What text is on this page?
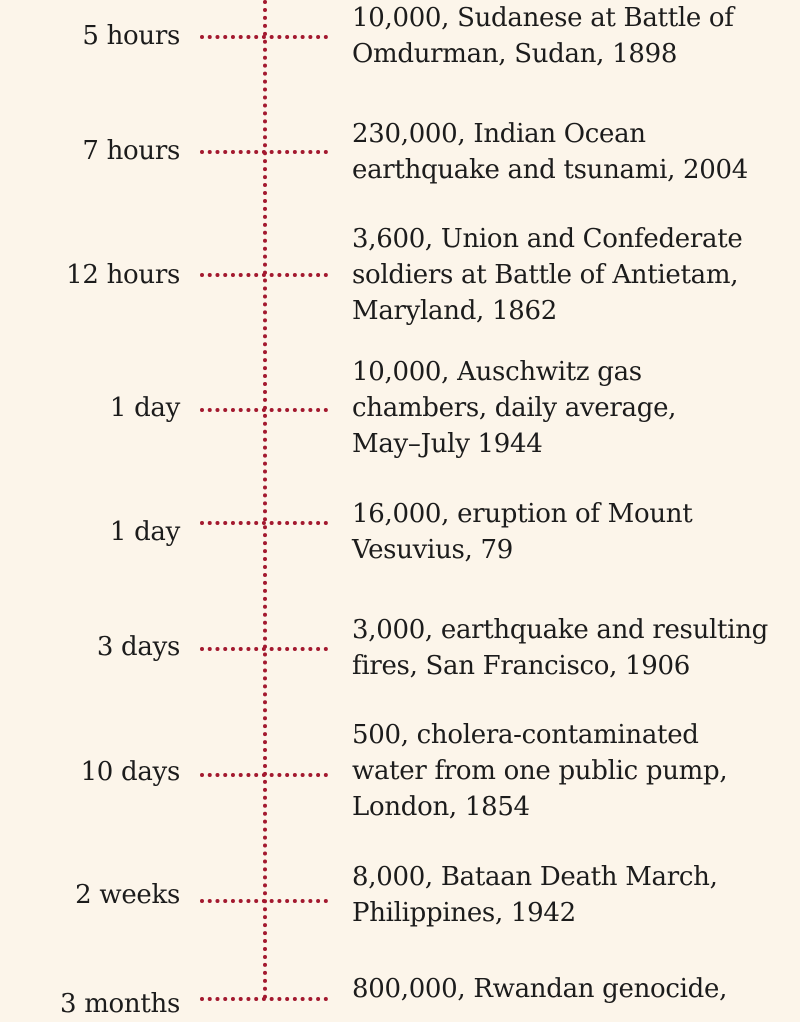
5 hours
10,000, Sudanese at Battle of
Omdurman, Sudan, 1898
7 hours
230,000, Indian Ocean
earthquake and tsunami, 2004
12 hours
3,600, Union and Confederate
soldiers at Battle of Antietam,
Maryland, 1862
1 day
10,000, Auschwitz gas
chambers, daily average,
May–July 1944
1 day
16,000, eruption of Mount
Vesuvius, 79
3 days
3,000, earthquake and resulting
fires, San Francisco, 1906
10 days
500, cholera-contaminated
water from one public pump,
London, 1854
2 weeks
8,000, Bataan Death March,
Philippines, 1942
3 months	800,000, Rwandan genocide,
